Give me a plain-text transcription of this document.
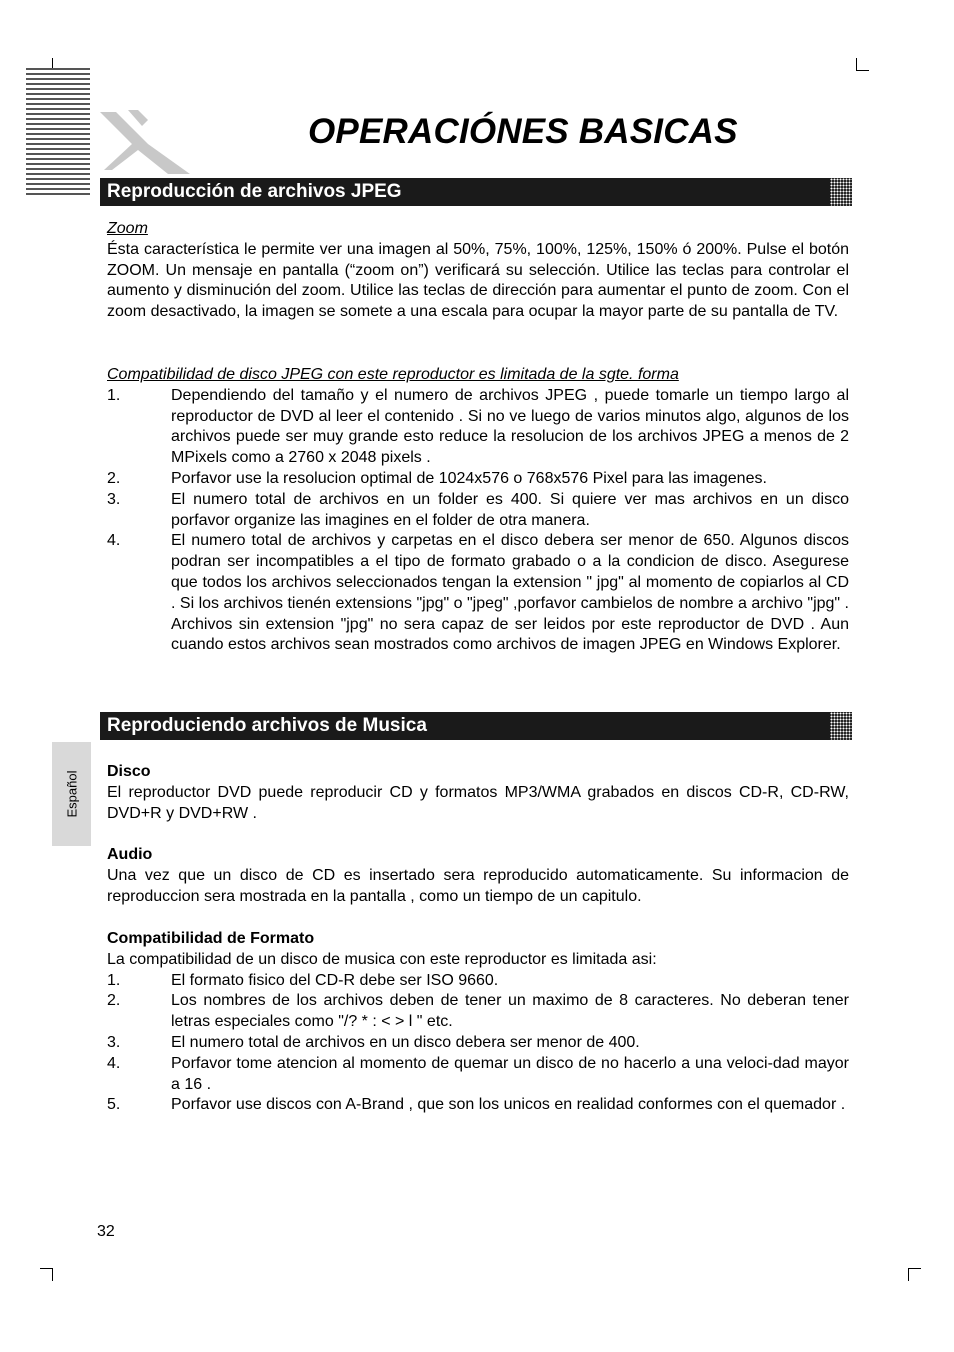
OPERACIÓNES BASICAS
Reproducción de archivos JPEG
Zoom
Ésta característica le permite ver una imagen al 50%, 75%, 100%, 125%, 150% ó 200%. Pulse el botón ZOOM. Un mensaje en pantalla (“zoom on”) verificará su selección. Utilice las teclas para controlar el aumento y disminución del zoom. Utilice las teclas de dirección para aumentar el punto de zoom. Con el zoom desactivado, la imagen se somete a una escala para ocupar la mayor parte de su pantalla de TV.
Compatibilidad de disco JPEG con este reproductor es limitada de la sgte. forma
1.	Dependiendo del tamaño y el numero de archivos JPEG , puede tomarle un tiempo largo al reproductor de DVD al leer el contenido . Si no ve luego de varios minutos algo, algunos de los archivos puede ser muy grande esto reduce la resolucion de los archivos JPEG a menos de 2 MPixels como a 2760 x 2048 pixels .
2.	Porfavor use la resolucion optimal de 1024x576 o 768x576 Pixel para las imagenes.
3.	El numero total de archivos en un folder es 400. Si quiere ver mas archivos en un disco porfavor organize las imagines en el folder de otra manera.
4.	El numero total de archivos y carpetas en el disco debera ser menor de 650. Algunos discos podran ser incompatibles a el tipo de formato grabado o a la condicion de disco. Asegurese que todos los archivos seleccionados tengan la extension " jpg" al momento de copiarlos al CD . Si los archivos tienén extensions "jpg" o "jpeg" ,porfavor cambielos de nombre a archivo "jpg" . Archivos sin extension "jpg" no sera capaz de ser leidos por este reproductor de DVD . Aun cuando estos archivos sean mostrados como archivos de imagen JPEG en Windows Explorer.
Reproduciendo archivos de Musica
Español Disco
El reproductor DVD puede reproducir CD y formatos MP3/WMA grabados en discos CD-R, CD-RW, DVD+R y DVD+RW .
Audio
Una vez que un disco de CD es insertado sera reproducido automaticamente. Su informacion de reproduccion sera mostrada en la pantalla , como un tiempo de un capitulo.
Compatibilidad de Formato
La compatibilidad de un disco de musica con este reproductor es limitada asi:
1.	El formato fisico del CD-R debe ser ISO 9660.
2.	Los nombres de los archivos deben de tener un maximo de 8 caracteres. No deberan tener letras especiales como "/? * : < > l " etc.
3.	El numero total de archivos en un disco debera ser menor de 400.
4.	Porfavor tome atencion al momento de quemar un disco de no hacerlo a una veloci-dad mayor a 16 .
5.	Porfavor use discos con A-Brand , que son los unicos en realidad conformes con el quemador .
32
